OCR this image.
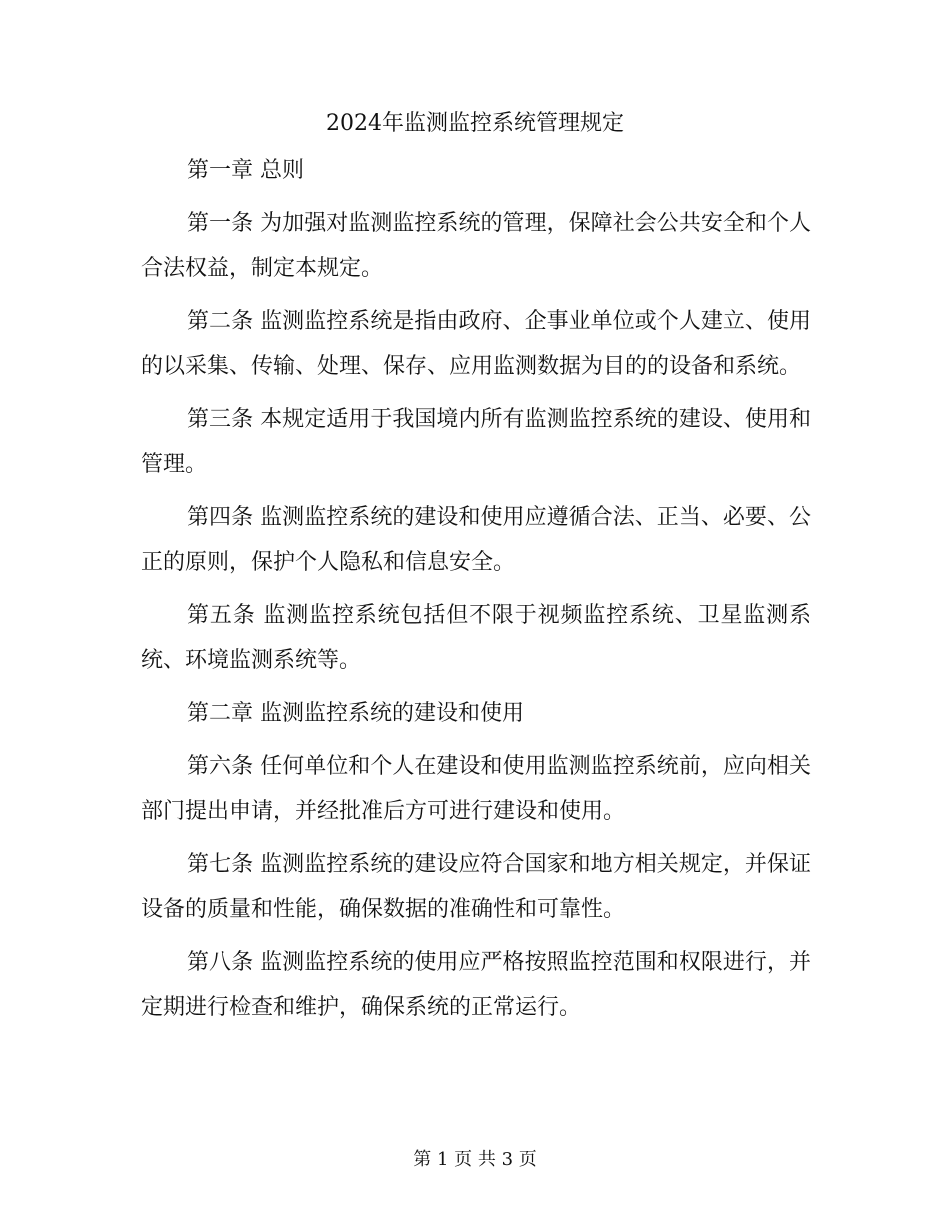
2024年监测监控系统管理规定

第一章 总则

第一条 为加强对监测监控系统的管理，保障社会公共安全和个人合法权益，制定本规定。

第二条 监测监控系统是指由政府、企事业单位或个人建立、使用的以采集、传输、处理、保存、应用监测数据为目的的设备和系统。

第三条 本规定适用于我国境内所有监测监控系统的建设、使用和管理。

第四条 监测监控系统的建设和使用应遵循合法、正当、必要、公正的原则，保护个人隐私和信息安全。

第五条 监测监控系统包括但不限于视频监控系统、卫星监测系统、环境监测系统等。

第二章 监测监控系统的建设和使用

第六条 任何单位和个人在建设和使用监测监控系统前，应向相关部门提出申请，并经批准后方可进行建设和使用。

第七条 监测监控系统的建设应符合国家和地方相关规定，并保证设备的质量和性能，确保数据的准确性和可靠性。

第八条 监测监控系统的使用应严格按照监控范围和权限进行，并定期进行检查和维护，确保系统的正常运行。

第 1 页 共 3 页
